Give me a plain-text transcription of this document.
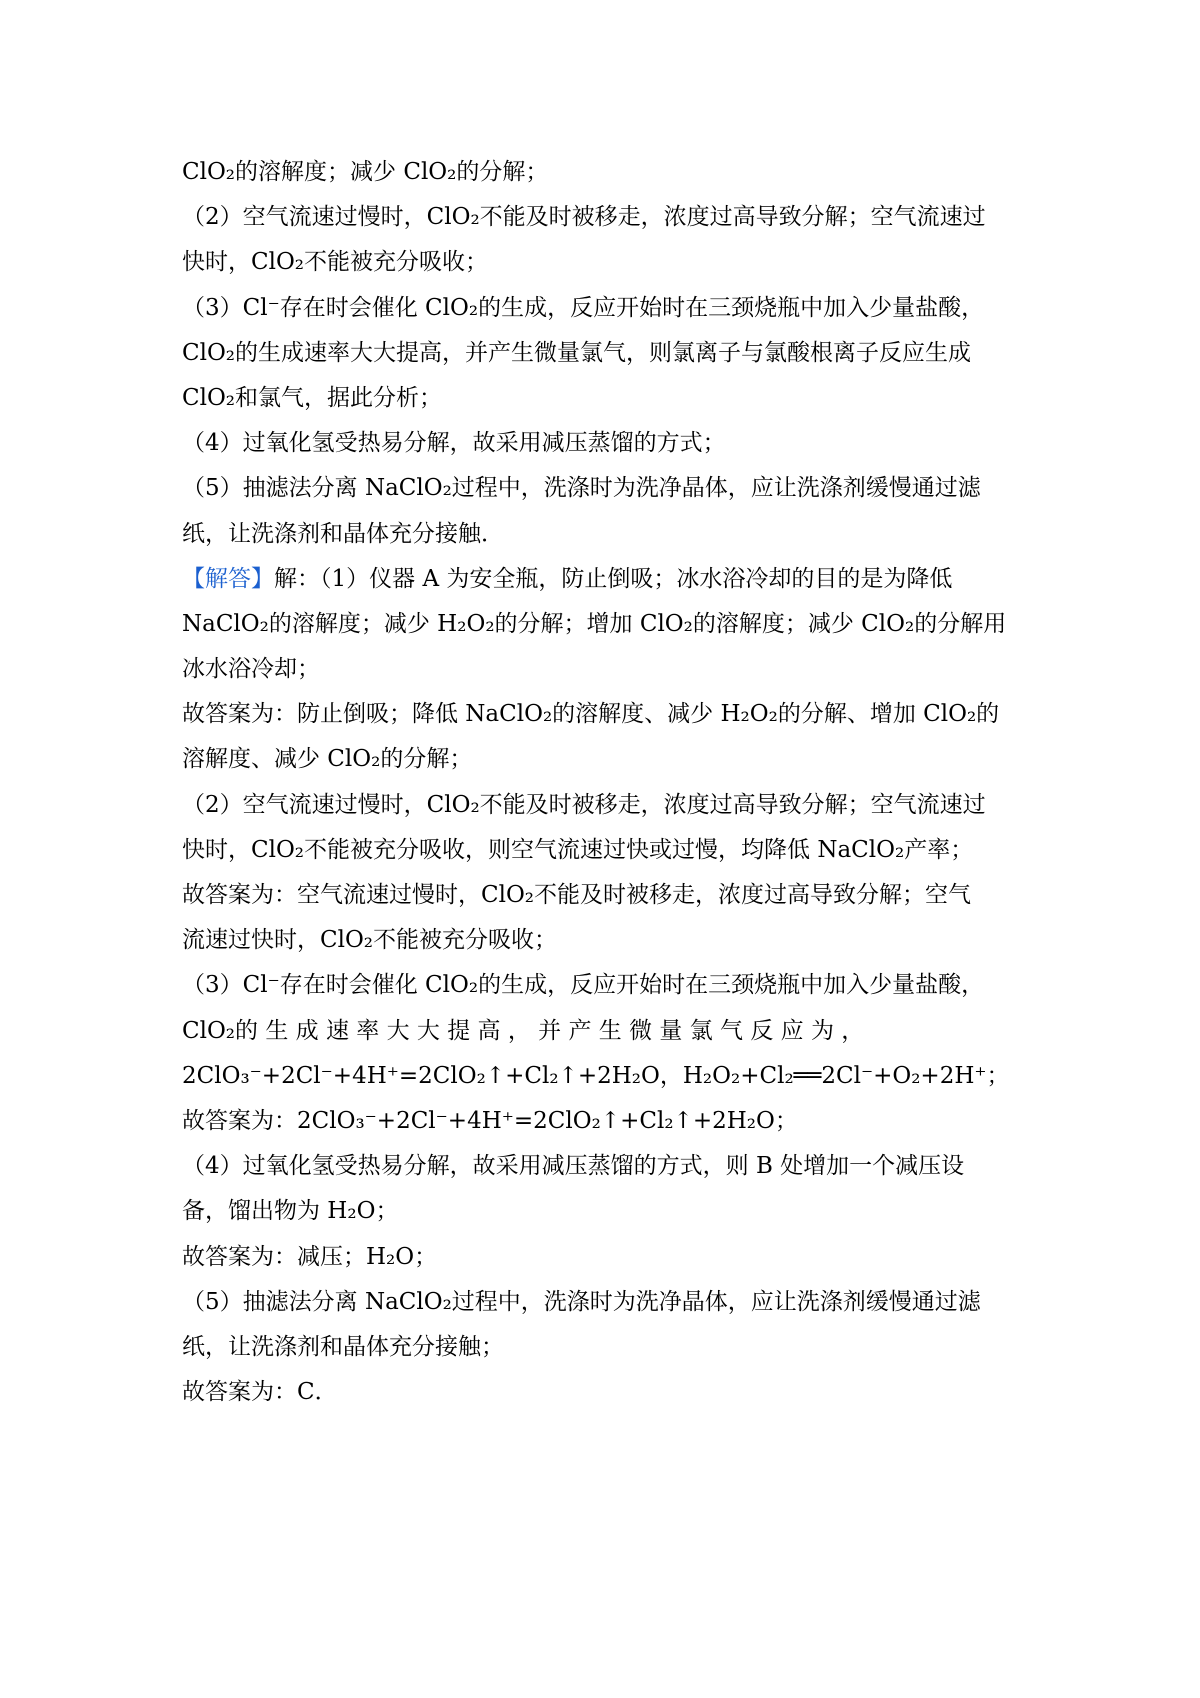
ClO₂的溶解度；减少 ClO₂的分解；
（2）空气流速过慢时，ClO₂不能及时被移走，浓度过高导致分解；空气流速过
快时，ClO₂不能被充分吸收；
（3）Cl⁻存在时会催化 ClO₂的生成，反应开始时在三颈烧瓶中加入少量盐酸，
ClO₂的生成速率大大提高，并产生微量氯气，则氯离子与氯酸根离子反应生成
ClO₂和氯气，据此分析；
（4）过氧化氢受热易分解，故采用减压蒸馏的方式；
（5）抽滤法分离 NaClO₂过程中，洗涤时为洗净晶体，应让洗涤剂缓慢通过滤
纸，让洗涤剂和晶体充分接触．
【解答】解：（1）仪器 A 为安全瓶，防止倒吸；冰水浴冷却的目的是为降低
NaClO₂的溶解度；减少 H₂O₂的分解；增加 ClO₂的溶解度；减少 ClO₂的分解用
冰水浴冷却；
故答案为：防止倒吸；降低 NaClO₂的溶解度、减少 H₂O₂的分解、增加 ClO₂的
溶解度、减少 ClO₂的分解；
（2）空气流速过慢时，ClO₂不能及时被移走，浓度过高导致分解；空气流速过
快时，ClO₂不能被充分吸收，则空气流速过快或过慢，均降低 NaClO₂产率；
故答案为：空气流速过慢时，ClO₂不能及时被移走，浓度过高导致分解；空气
流速过快时，ClO₂不能被充分吸收；
（3）Cl⁻存在时会催化 ClO₂的生成，反应开始时在三颈烧瓶中加入少量盐酸，
ClO₂的 生 成 速 率 大 大 提 高 ， 并 产 生 微 量 氯 气 反 应 为 ，
2ClO₃⁻+2Cl⁻+4H⁺=2ClO₂↑+Cl₂↑+2H₂O，H₂O₂+Cl₂══2Cl⁻+O₂+2H⁺；
故答案为：2ClO₃⁻+2Cl⁻+4H⁺=2ClO₂↑+Cl₂↑+2H₂O；
（4）过氧化氢受热易分解，故采用减压蒸馏的方式，则 B 处增加一个减压设
备，馏出物为 H₂O；
故答案为：减压；H₂O；
（5）抽滤法分离 NaClO₂过程中，洗涤时为洗净晶体，应让洗涤剂缓慢通过滤
纸，让洗涤剂和晶体充分接触；
故答案为：C．
